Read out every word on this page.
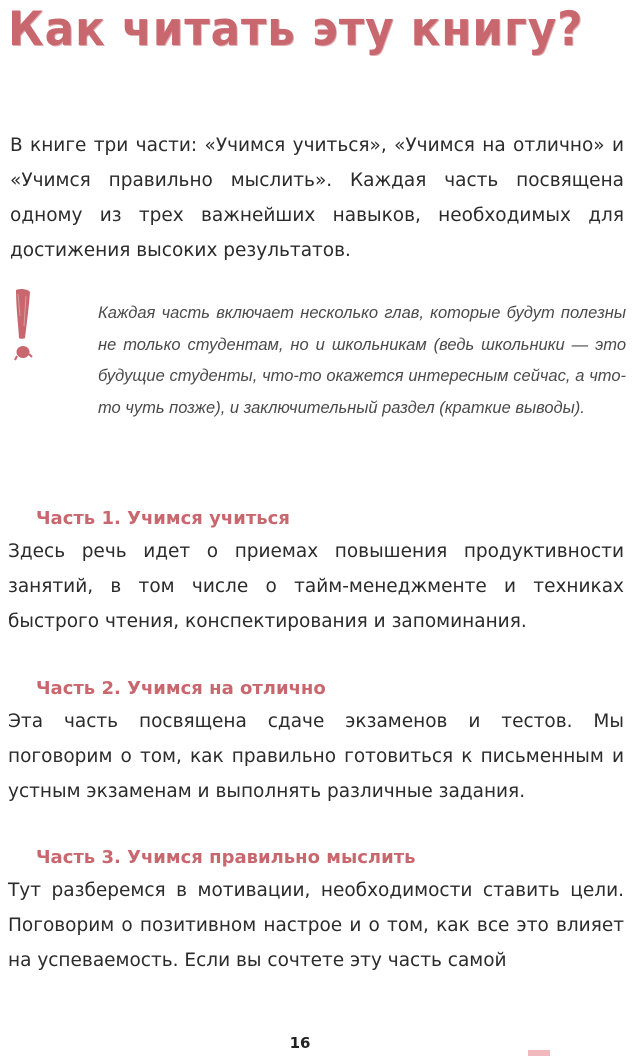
Как читать эту книгу?

В книге три части: «Учимся учиться», «Учимся на отлично» и «Учимся правильно мыслить». Каждая часть посвящена одному из трех важнейших навыков, необходимых для достижения высоких результатов.

Каждая часть включает несколько глав, которые будут полезны не только студентам, но и школьникам (ведь школьники — это будущие студенты, что-то окажется интересным сейчас, а что-то чуть позже), и заключительный раздел (краткие выводы).

Часть 1. Учимся учиться

Здесь речь идет о приемах повышения продуктивности занятий, в том числе о тайм-менеджменте и техниках быстрого чтения, конспектирования и запоминания.

Часть 2. Учимся на отлично

Эта часть посвящена сдаче экзаменов и тестов. Мы поговорим о том, как правильно готовиться к письменным и устным экзаменам и выполнять различные задания.

Часть 3. Учимся правильно мыслить

Тут разберемся в мотивации, необходимости ставить цели. Поговорим о позитивном настрое и о том, как все это влияет на успеваемость. Если вы сочтете эту часть самой

16
